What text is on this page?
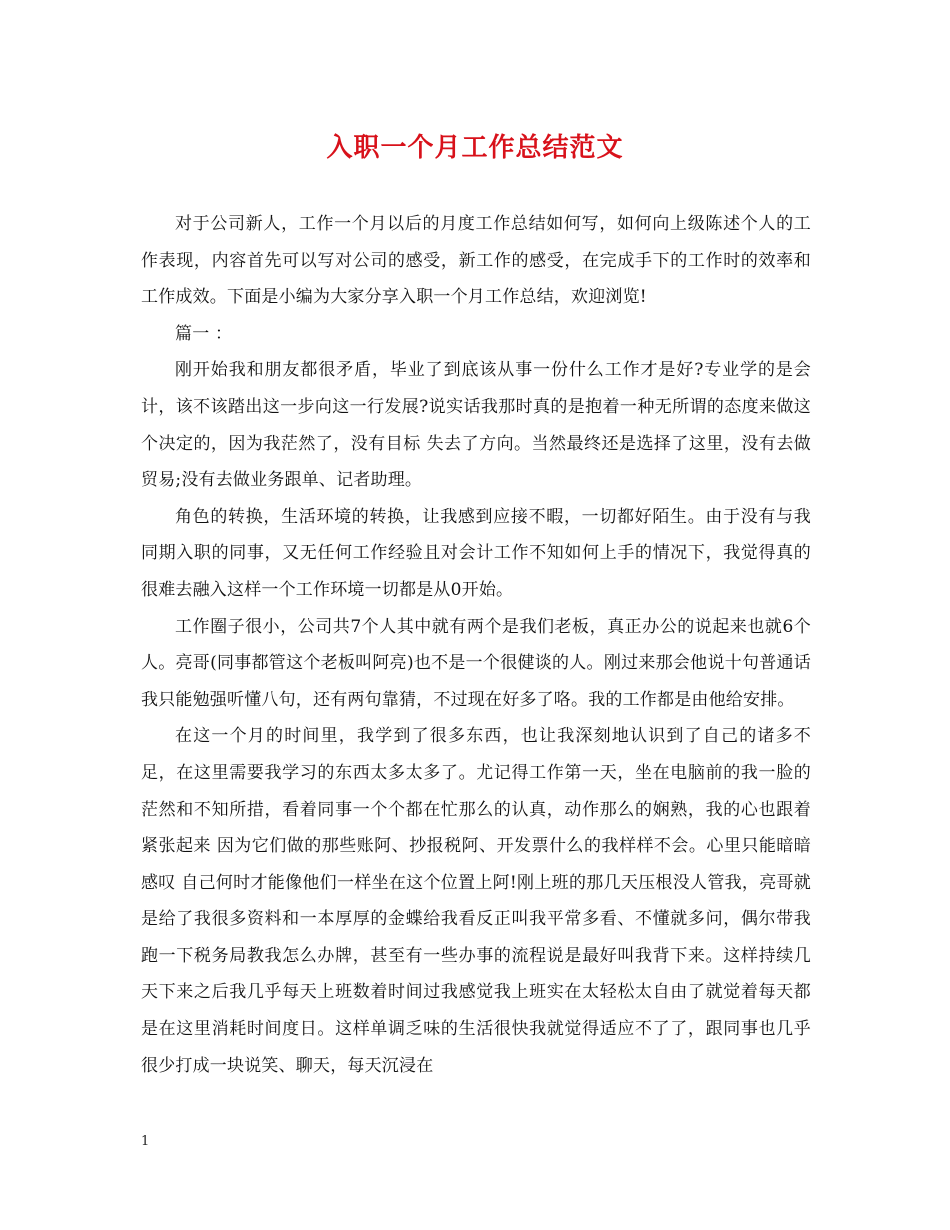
入职一个月工作总结范文

对于公司新人，工作一个月以后的月度工作总结如何写，如何向上级陈述个人的工作表现，内容首先可以写对公司的感受，新工作的感受，在完成手下的工作时的效率和工作成效。下面是小编为大家分享入职一个月工作总结，欢迎浏览!

篇一 ：

刚开始我和朋友都很矛盾，毕业了到底该从事一份什么工作才是好?专业学的是会计，该不该踏出这一步向这一行发展?说实话我那时真的是抱着一种无所谓的态度来做这个决定的，因为我茫然了，没有目标 失去了方向。当然最终还是选择了这里，没有去做贸易;没有去做业务跟单、记者助理。

角色的转换，生活环境的转换，让我感到应接不暇，一切都好陌生。由于没有与我同期入职的同事，又无任何工作经验且对会计工作不知如何上手的情况下，我觉得真的很难去融入这样一个工作环境一切都是从0开始。

工作圈子很小，公司共7个人其中就有两个是我们老板，真正办公的说起来也就6个人。亮哥(同事都管这个老板叫阿亮)也不是一个很健谈的人。刚过来那会他说十句普通话我只能勉强听懂八句，还有两句靠猜，不过现在好多了咯。我的工作都是由他给安排。

在这一个月的时间里，我学到了很多东西，也让我深刻地认识到了自己的诸多不足，在这里需要我学习的东西太多太多了。尤记得工作第一天，坐在电脑前的我一脸的茫然和不知所措，看着同事一个个都在忙那么的认真，动作那么的娴熟，我的心也跟着紧张起来 因为它们做的那些账阿、抄报税阿、开发票什么的我样样不会。心里只能暗暗感叹 自己何时才能像他们一样坐在这个位置上阿!刚上班的那几天压根没人管我，亮哥就是给了我很多资料和一本厚厚的金蝶给我看反正叫我平常多看、不懂就多问，偶尔带我跑一下税务局教我怎么办牌，甚至有一些办事的流程说是最好叫我背下来。这样持续几天下来之后我几乎每天上班数着时间过我感觉我上班实在太轻松太自由了就觉着每天都是在这里消耗时间度日。这样单调乏味的生活很快我就觉得适应不了了，跟同事也几乎很少打成一块说笑、聊天，每天沉浸在

1
